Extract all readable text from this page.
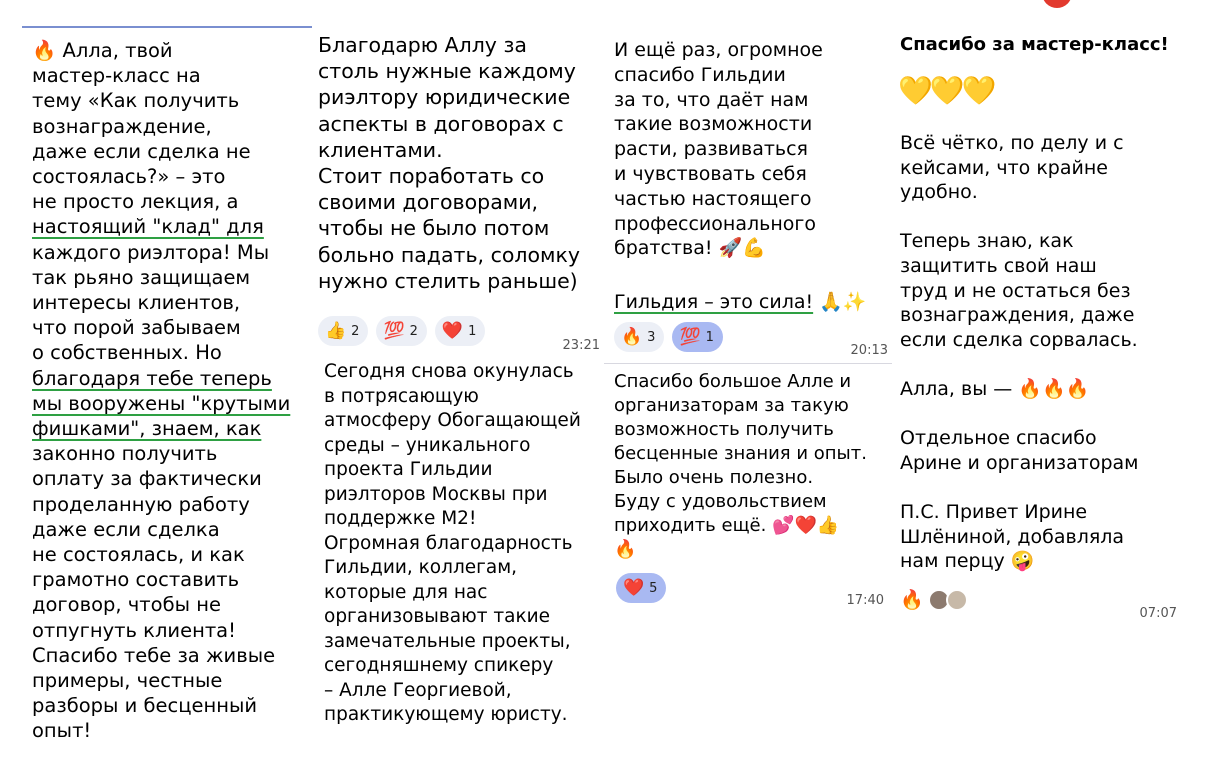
🔥 Алла, твой
мастер-класс на
тему «Как получить
вознаграждение,
даже если сделка не
состоялась?» – это
не просто лекция, а
настоящий "клад" для
каждого риэлтора! Мы
так рьяно защищаем
интересы клиентов,
что порой забываем
о собственных. Но
благодаря тебе теперь
мы вооружены "крутыми
фишками", знаем, как
законно получить
оплату за фактически
проделанную работу
даже если сделка
не состоялась, и как
грамотно составить
договор, чтобы не
отпугнуть клиента!
Спасибо тебе за живые
примеры, честные
разборы и бесценный
опыт!
Благодарю Аллу за
столь нужные каждому
риэлтору юридические
аспекты в договорах с
клиентами.
Стоит поработать со
своими договорами,
чтобы не было потом
больно падать, соломку
нужно стелить раньше)
👍 2 💯 2 ❤️ 1
23:21
Сегодня снова окунулась
в потрясающую
атмосферу Обогащающей
среды – уникального
проекта Гильдии
риэлторов Москвы при
поддержке М2!
Огромная благодарность
Гильдии, коллегам,
которые для нас
организовывают такие
замечательные проекты,
сегодняшнему спикеру
– Алле Георгиевой,
практикующему юристу.
И ещё раз, огромное
спасибо Гильдии
за то, что даёт нам
такие возможности
расти, развиваться
и чувствовать себя
частью настоящего
профессионального
братства! 🚀💪
Гильдия – это сила! 🙏✨
🔥 3 💯 1
20:13
Спасибо большое Алле и
организаторам за такую
возможность получить
бесценные знания и опыт.
Было очень полезно.
Буду с удовольствием
приходить ещё. 💕❤️👍
🔥
❤️ 5
17:40
Спасибо за мастер-класс!
💛💛💛
Всё чётко, по делу и с
кейсами, что крайне
удобно.
Теперь знаю, как
защитить свой наш
труд и не остаться без
вознаграждения, даже
если сделка сорвалась.
Алла, вы — 🔥🔥🔥
Отдельное спасибо
Арине и организаторам
П.С. Привет Ирине
Шлёниной, добавляла
нам перцу 🤪
🔥
07:07
